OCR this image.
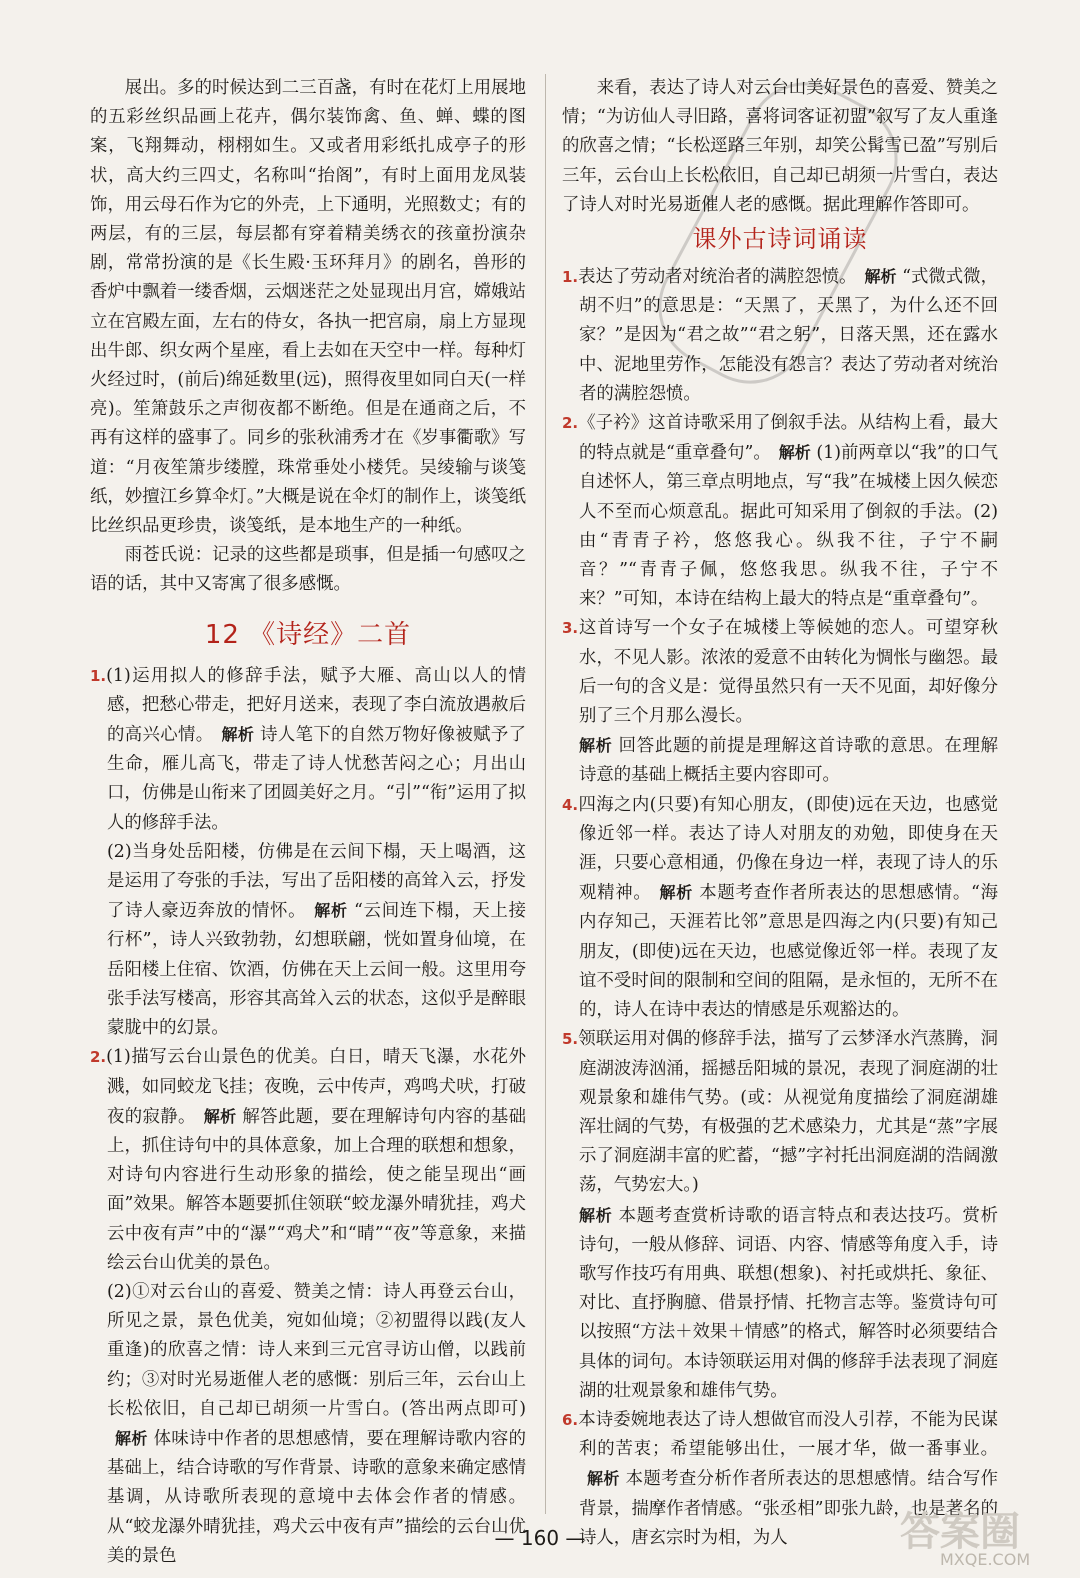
展出。多的时候达到二三百盏，有时在花灯上用展地的五彩丝织品画上花卉，偶尔装饰禽、鱼、蝉、蝶的图案，飞翔舞动，栩栩如生。又或者用彩纸扎成亭子的形状，高大约三四丈，名称叫“抬阁”，有时上面用龙凤装饰，用云母石作为它的外壳，上下通明，光照数丈；有的两层，有的三层，每层都有穿着精美绣衣的孩童扮演杂剧，常常扮演的是《长生殿·玉环拜月》的剧名，兽形的香炉中飘着一缕香烟，云烟迷茫之处显现出月宫，嫦娥站立在宫殿左面，左右的侍女，各执一把宫扇，扇上方显现出牛郎、织女两个星座，看上去如在天空中一样。每种灯火经过时，(前后)绵延数里(远)，照得夜里如同白天(一样亮)。笙箫鼓乐之声彻夜都不断绝。但是在通商之后，不再有这样的盛事了。同乡的张秋浦秀才在《岁事衢歌》写道：“月夜笙箫步缕膛，珠常垂处小楼凭。吴绫输与谈笺纸，妙擅江乡算伞灯。”大概是说在伞灯的制作上，谈笺纸比丝织品更珍贵，谈笺纸，是本地生产的一种纸。

雨苍氏说：记录的这些都是琐事，但是插一句感叹之语的话，其中又寄寓了很多感慨。

12 《诗经》二首

1.(1)运用拟人的修辞手法，赋予大雁、高山以人的情感，把愁心带走，把好月送来，表现了李白流放遇赦后的高兴心情。 解析 诗人笔下的自然万物好像被赋予了生命，雁儿高飞，带走了诗人忧愁苦闷之心；月出山口，仿佛是山衔来了团圆美好之月。“引”“衔”运用了拟人的修辞手法。

(2)当身处岳阳楼，仿佛是在云间下榻，天上喝酒，这是运用了夸张的手法，写出了岳阳楼的高耸入云，抒发了诗人豪迈奔放的情怀。 解析 “云间连下榻，天上接行杯”，诗人兴致勃勃，幻想联翩，恍如置身仙境，在岳阳楼上住宿、饮酒，仿佛在天上云间一般。这里用夸张手法写楼高，形容其高耸入云的状态，这似乎是醉眼蒙胧中的幻景。

2.(1)描写云台山景色的优美。白日，晴天飞瀑，水花外溅，如同蛟龙飞挂；夜晚，云中传声，鸡鸣犬吠，打破夜的寂静。 解析 解答此题，要在理解诗句内容的基础上，抓住诗句中的具体意象，加上合理的联想和想象，对诗句内容进行生动形象的描绘，使之能呈现出“画面”效果。解答本题要抓住领联“蛟龙瀑外晴犹挂，鸡犬云中夜有声”中的“瀑”“鸡犬”和“晴”“夜”等意象，来描绘云台山优美的景色。

(2)①对云台山的喜爱、赞美之情：诗人再登云台山，所见之景，景色优美，宛如仙境；②初盟得以践(友人重逢)的欣喜之情：诗人来到三元宫寻访山僧，以践前约；③对时光易逝催人老的感慨：别后三年，云台山上长松依旧，自己却已胡须一片雪白。(答出两点即可)解析 体味诗中作者的思想感情，要在理解诗歌内容的基础上，结合诗歌的写作背景、诗歌的意象来确定感情基调，从诗歌所表现的意境中去体会作者的情感。从“蛟龙瀑外晴犹挂，鸡犬云中夜有声”描绘的云台山优美的景色

来看，表达了诗人对云台山美好景色的喜爱、赞美之情；“为访仙人寻旧路，喜将词客证初盟”叙写了友人重逢的欣喜之情；“长松逕路三年别，却笑公髯雪已盈”写别后三年，云台山上长松依旧，自己却已胡须一片雪白，表达了诗人对时光易逝催人老的感慨。据此理解作答即可。

课外古诗词诵读

1.表达了劳动者对统治者的满腔怨愤。 解析 “式微式微，胡不归”的意思是：“天黑了，天黑了，为什么还不回家？”是因为“君之故”“君之躬”，日落天黑，还在露水中、泥地里劳作，怎能没有怨言？表达了劳动者对统治者的满腔怨愤。

2.《子衿》这首诗歌采用了倒叙手法。从结构上看，最大的特点就是“重章叠句”。 解析 (1)前两章以“我”的口气自述怀人，第三章点明地点，写“我”在城楼上因久候恋人不至而心烦意乱。据此可知采用了倒叙的手法。(2)由“青青子衿，悠悠我心。纵我不往，子宁不嗣音？”“青青子佩，悠悠我思。纵我不往，子宁不来？”可知，本诗在结构上最大的特点是“重章叠句”。

3.这首诗写一个女子在城楼上等候她的恋人。可望穿秋水，不见人影。浓浓的爱意不由转化为惆怅与幽怨。最后一句的含义是：觉得虽然只有一天不见面，却好像分别了三个月那么漫长。

解析 回答此题的前提是理解这首诗歌的意思。在理解诗意的基础上概括主要内容即可。

4.四海之内(只要)有知心朋友，(即使)远在天边，也感觉像近邻一样。表达了诗人对朋友的劝勉，即使身在天涯，只要心意相通，仍像在身边一样，表现了诗人的乐观精神。 解析 本题考查作者所表达的思想感情。“海内存知己，天涯若比邻”意思是四海之内(只要)有知己朋友，(即使)远在天边，也感觉像近邻一样。表现了友谊不受时间的限制和空间的阻隔，是永恒的，无所不在的，诗人在诗中表达的情感是乐观豁达的。

5.领联运用对偶的修辞手法，描写了云梦泽水汽蒸腾，洞庭湖波涛汹涌，摇撼岳阳城的景况，表现了洞庭湖的壮观景象和雄伟气势。(或：从视觉角度描绘了洞庭湖雄浑壮阔的气势，有极强的艺术感染力，尤其是“蒸”字展示了洞庭湖丰富的贮蓄，“撼”字衬托出洞庭湖的浩阔激荡，气势宏大。)

解析 本题考查赏析诗歌的语言特点和表达技巧。赏析诗句，一般从修辞、词语、内容、情感等角度入手，诗歌写作技巧有用典、联想(想象)、衬托或烘托、象征、对比、直抒胸臆、借景抒情、托物言志等。鉴赏诗句可以按照“方法＋效果＋情感”的格式，解答时必须要结合具体的词句。本诗领联运用对偶的修辞手法表现了洞庭湖的壮观景象和雄伟气势。

6.本诗委婉地表达了诗人想做官而没人引荐，不能为民谋利的苦衷；希望能够出仕，一展才华，做一番事业。解析 本题考查分析作者所表达的思想感情。结合写作背景，揣摩作者情感。“张丞相”即张九龄，也是著名的诗人，唐玄宗时为相，为人

— 160 —	答案圈
MXQE.COM
